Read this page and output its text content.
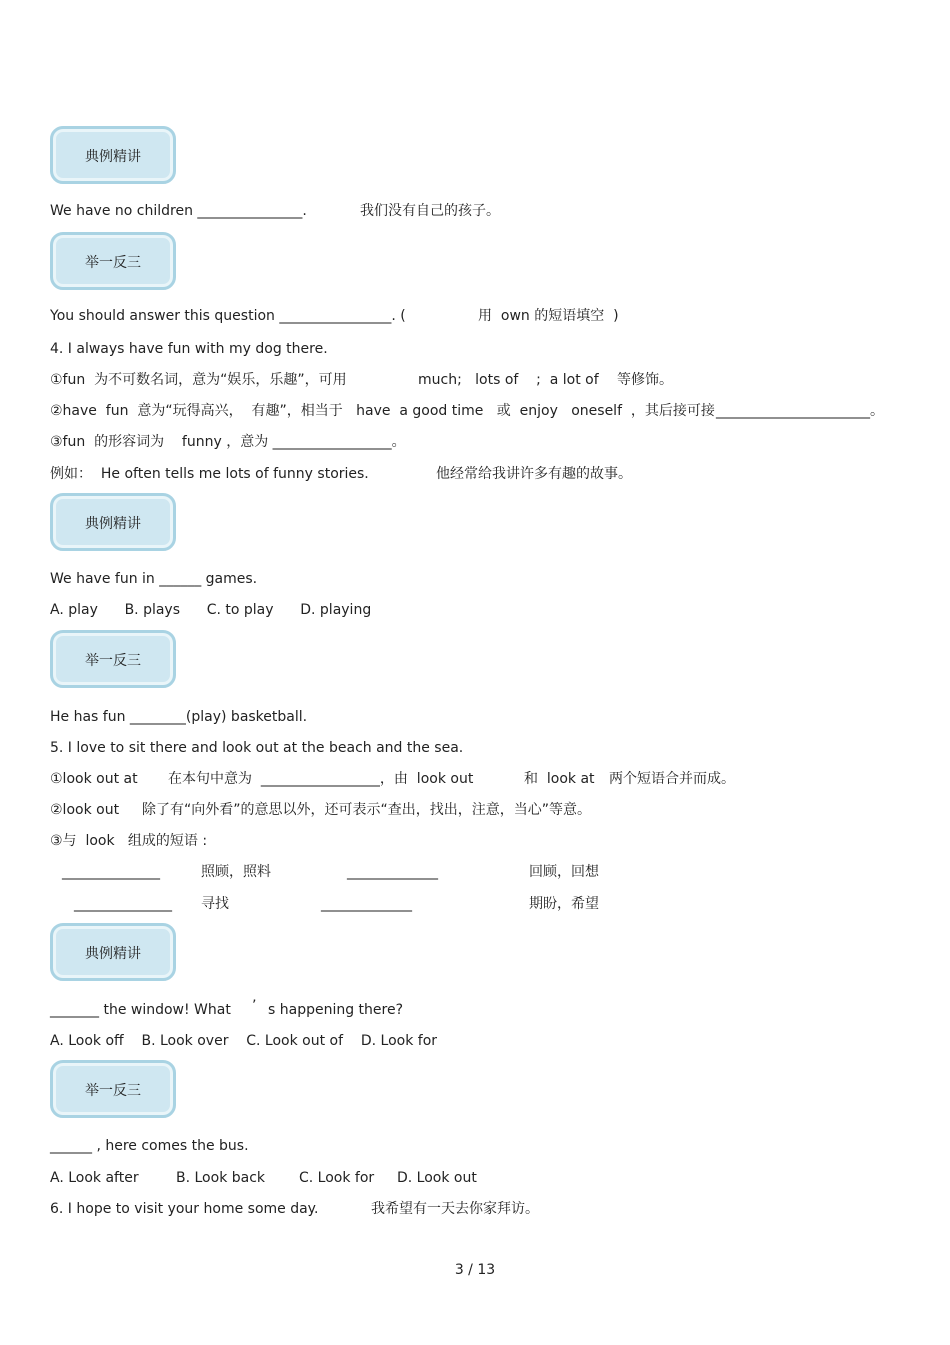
典例精讲
举一反三
典例精讲
举一反三
典例精讲
举一反三
We have no children _______________.	我们没有自己的孩子。
You should answer this question ________________. (	用  own 的短语填空  )
4. I always have fun with my dog there.
①fun  为不可数名词，意为“娱乐，乐趣”，可用	much;   lots of    ;  a lot of 等修饰。
②have  fun  意为“玩得高兴，  有趣”，相当于   have  a good time   或  enjoy   oneself  ，其后接可接 ______________________。
③fun  的形容词为    funny ，意为 _________________。
例如：  He often tells me lots of funny stories.	他经常给我讲许多有趣的故事。
We have fun in ______ games.
A. play      B. plays      C. to play      D. playing
He has fun ________(play) basketball.
5. I love to sit there and look out at the beach and the sea.
①look out at 在本句中意为  _________________，由  look out	和  look at 两个短语合并而成。
②look out 除了有“向外看”的意思以外，还可表示“查出，找出，注意，当心”等意。
③与  look   组成的短语 :
______________	照顾，照料	_____________	回顾，回想
______________ 寻找	_____________	期盼，希望
_______ the window! What ’ s happening there?
A. Look off    B. Look over    C. Look out of    D. Look for
______ , here comes the bus.
A. Look after	B. Look back C. Look for D. Look out
6. I hope to visit your home some day.	我希望有一天去你家拜访。
3 / 13
